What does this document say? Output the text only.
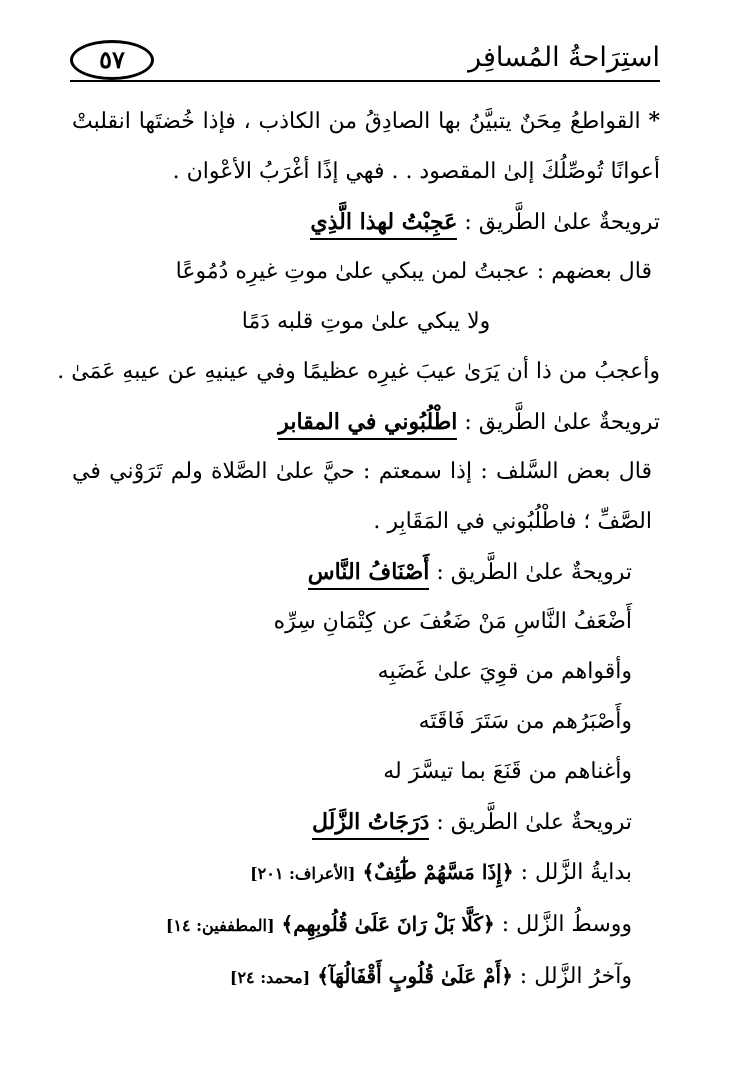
استِرَاحةُ المُسافِر
٥٧

* القواطعُ مِحَنٌ يتبيَّنُ بها الصادِقُ من الكاذب ، فإذا خُضتَها انقلبتْ أعوانًا تُوصِّلُكَ إلىٰ المقصود . . فهي إذًا أغْرَبُ الأعْوان .

ترويحةٌ علىٰ الطَّريق : عَجِبْتُ لهذا الَّذِي

قال بعضهم : عجبتُ لمن يبكي علىٰ موتِ غيرِه دُمُوعًا

ولا يبكي علىٰ موتِ قلبه دَمًا

وأعجبُ من ذا أن يَرَىٰ عيبَ غيرِه عظيمًا وفي عينيهِ عن عيبهِ عَمَىٰ .

ترويحةٌ علىٰ الطَّريق : اطْلُبُوني في المقابر

قال بعض السَّلف : إذا سمعتم : حيَّ علىٰ الصَّلاة ولم تَرَوْني في الصَّفِّ ؛ فاطْلُبُوني في المَقَابِر .

ترويحةٌ علىٰ الطَّريق : أَصْنَافُ النَّاس

أَضْعَفُ النَّاسِ مَنْ ضَعُفَ عن كِتْمَانِ سِرِّه

وأقواهم من قوِيَ علىٰ غَضَبِه

وأَصْبَرُهم من سَتَرَ فَاقَتَه

وأغناهم من قَنَعَ بما تيسَّرَ له

ترويحةٌ علىٰ الطَّريق : دَرَجَاتُ الزَّلَل

بدايةُ الزَّلل : ﴿إِذَا مَسَّهُمْ طَٰٓئِفٌ﴾ [الأعراف: ٢٠١]

ووسطُ الزَّلل : ﴿كَلَّا بَلْ رَانَ عَلَىٰ قُلُوبِهِم﴾ [المطففين: ١٤]

وآخرُ الزَّلل : ﴿أَمْ عَلَىٰ قُلُوبٍ أَقْفَالُهَآ﴾ [محمد: ٢٤]
